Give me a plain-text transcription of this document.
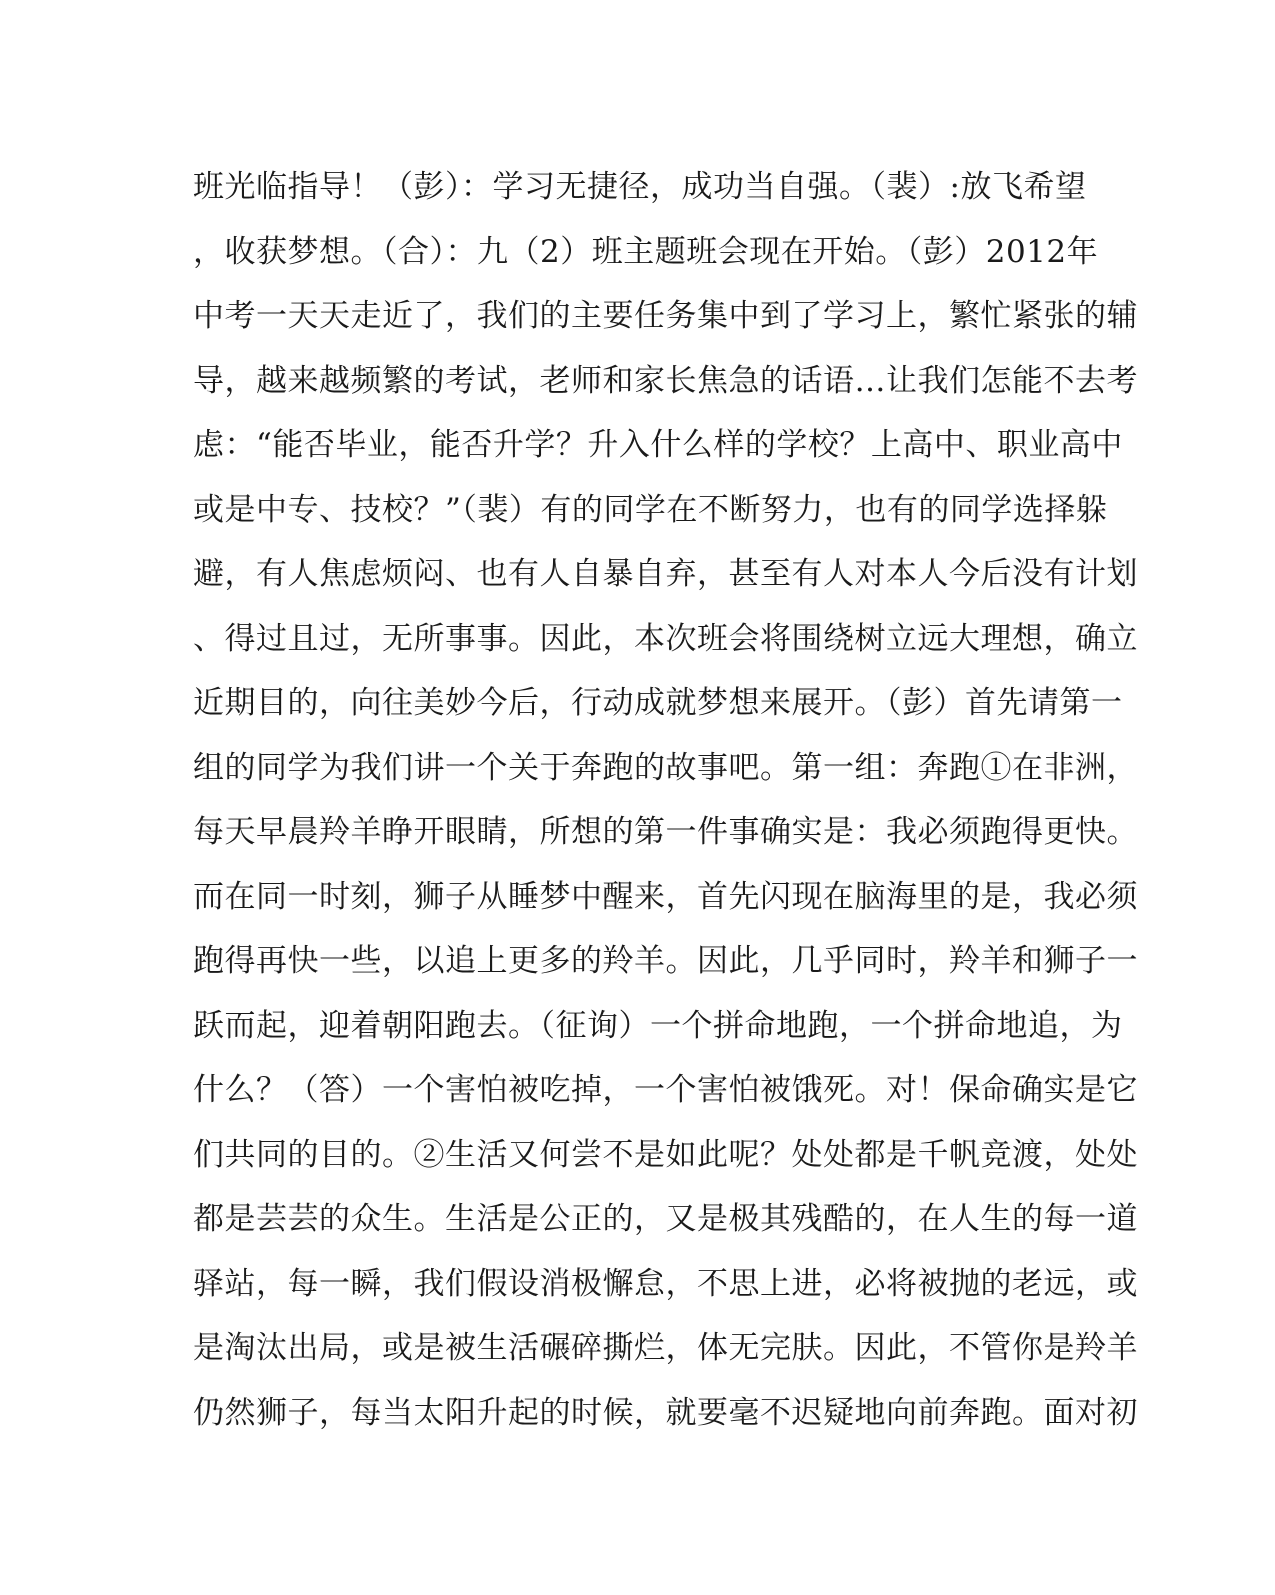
班光临指导！（彭）：学习无捷径，成功当自强。（裴）:放飞希望
，收获梦想。（合）：九（2）班主题班会现在开始。（彭）2012年
中考一天天走近了，我们的主要任务集中到了学习上，繁忙紧张的辅
导，越来越频繁的考试，老师和家长焦急的话语…让我们怎能不去考
虑：“能否毕业，能否升学？升入什么样的学校？上高中、职业高中
或是中专、技校？”（裴）有的同学在不断努力，也有的同学选择躲
避，有人焦虑烦闷、也有人自暴自弃，甚至有人对本人今后没有计划
、得过且过，无所事事。因此，本次班会将围绕树立远大理想，确立
近期目的，向往美妙今后，行动成就梦想来展开。（彭）首先请第一
组的同学为我们讲一个关于奔跑的故事吧。第一组：奔跑①在非洲，
每天早晨羚羊睁开眼睛，所想的第一件事确实是：我必须跑得更快。
而在同一时刻，狮子从睡梦中醒来，首先闪现在脑海里的是，我必须
跑得再快一些，以追上更多的羚羊。因此，几乎同时，羚羊和狮子一
跃而起，迎着朝阳跑去。（征询）一个拼命地跑，一个拼命地追，为
什么？（答）一个害怕被吃掉，一个害怕被饿死。对！保命确实是它
们共同的目的。②生活又何尝不是如此呢？处处都是千帆竞渡，处处
都是芸芸的众生。生活是公正的，又是极其残酷的，在人生的每一道
驿站，每一瞬，我们假设消极懈怠，不思上进，必将被抛的老远，或
是淘汰出局，或是被生活碾碎撕烂，体无完肤。因此，不管你是羚羊
仍然狮子，每当太阳升起的时候，就要毫不迟疑地向前奔跑。面对初
